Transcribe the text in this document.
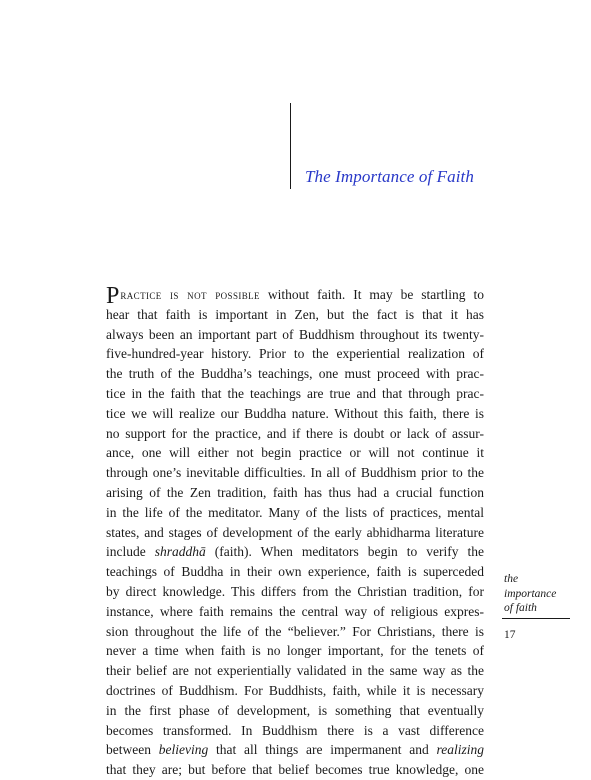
The Importance of Faith
Practice is not possible without faith. It may be startling to
hear that faith is important in Zen, but the fact is that it has
always been an important part of Buddhism throughout its twenty-
five-hundred-year history. Prior to the experiential realization of
the truth of the Buddha’s teachings, one must proceed with prac-
tice in the faith that the teachings are true and that through prac-
tice we will realize our Buddha nature. Without this faith, there is
no support for the practice, and if there is doubt or lack of assur-
ance, one will either not begin practice or will not continue it
through one’s inevitable difficulties. In all of Buddhism prior to the
arising of the Zen tradition, faith has thus had a crucial function
in the life of the meditator. Many of the lists of practices, mental
states, and stages of development of the early abhidharma literature
include shraddhā (faith). When meditators begin to verify the
teachings of Buddha in their own experience, faith is superceded
by direct knowledge. This differs from the Christian tradition, for
instance, where faith remains the central way of religious expres-
sion throughout the life of the “believer.” For Christians, there is
never a time when faith is no longer important, for the tenets of
their belief are not experientially validated in the same way as the
doctrines of Buddhism. For Buddhists, faith, while it is necessary
in the first phase of development, is something that eventually
becomes transformed. In Buddhism there is a vast difference
between believing that all things are impermanent and realizing
that they are; but before that belief becomes true knowledge, one
the
importance
of faith
17
